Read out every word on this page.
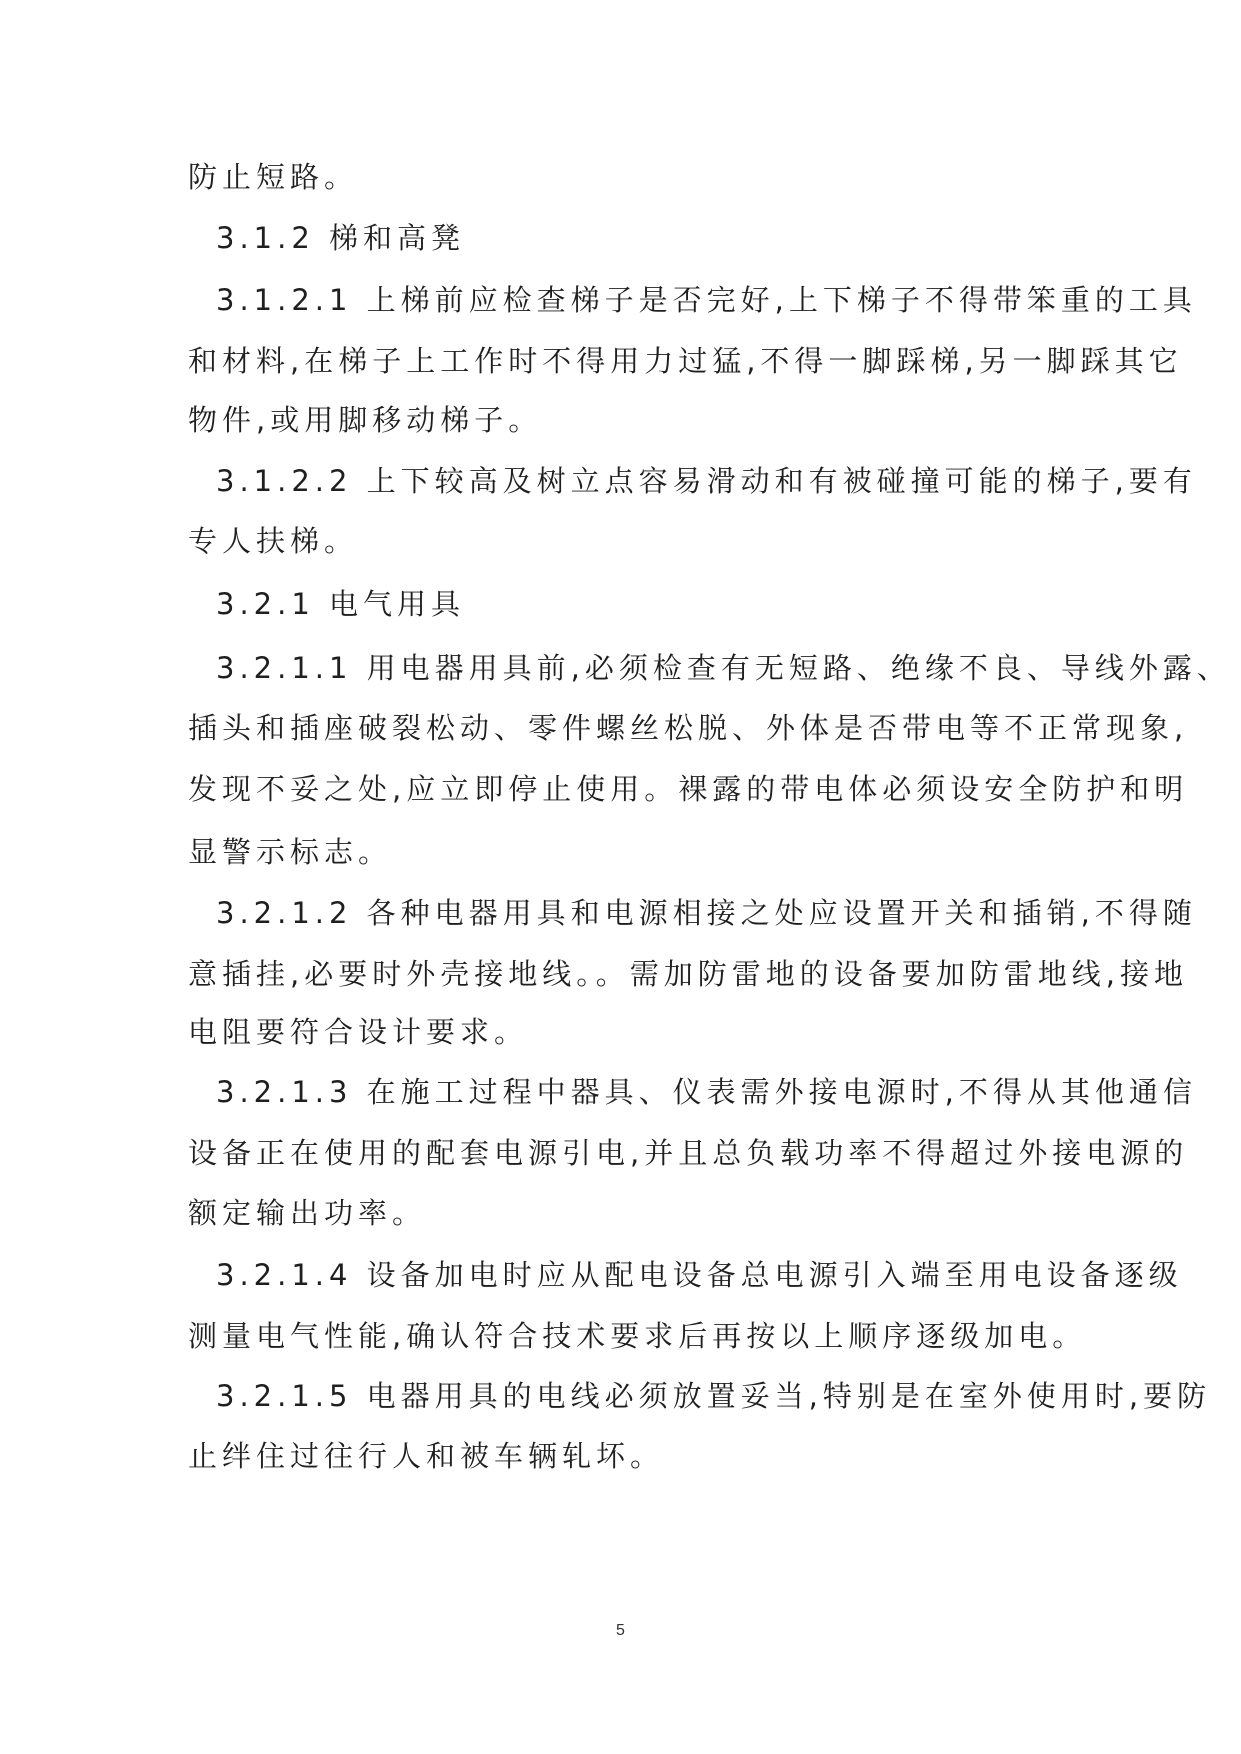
防止短路。
3.1.2 梯和高凳
3.1.2.1 上梯前应检查梯子是否完好,上下梯子不得带笨重的工具
和材料,在梯子上工作时不得用力过猛,不得一脚踩梯,另一脚踩其它
物件,或用脚移动梯子。
3.1.2.2 上下较高及树立点容易滑动和有被碰撞可能的梯子,要有
专人扶梯。
3.2.1 电气用具
3.2.1.1 用电器用具前,必须检查有无短路、绝缘不良、导线外露、
插头和插座破裂松动、零件螺丝松脱、外体是否带电等不正常现象,
发现不妥之处,应立即停止使用。裸露的带电体必须设安全防护和明
显警示标志。
3.2.1.2 各种电器用具和电源相接之处应设置开关和插销,不得随
意插挂,必要时外壳接地线。。需加防雷地的设备要加防雷地线,接地
电阻要符合设计要求。
3.2.1.3 在施工过程中器具、仪表需外接电源时,不得从其他通信
设备正在使用的配套电源引电,并且总负载功率不得超过外接电源的
额定输出功率。
3.2.1.4 设备加电时应从配电设备总电源引入端至用电设备逐级
测量电气性能,确认符合技术要求后再按以上顺序逐级加电。
3.2.1.5 电器用具的电线必须放置妥当,特别是在室外使用时,要防
5
止绊住过往行人和被车辆轧坏。
